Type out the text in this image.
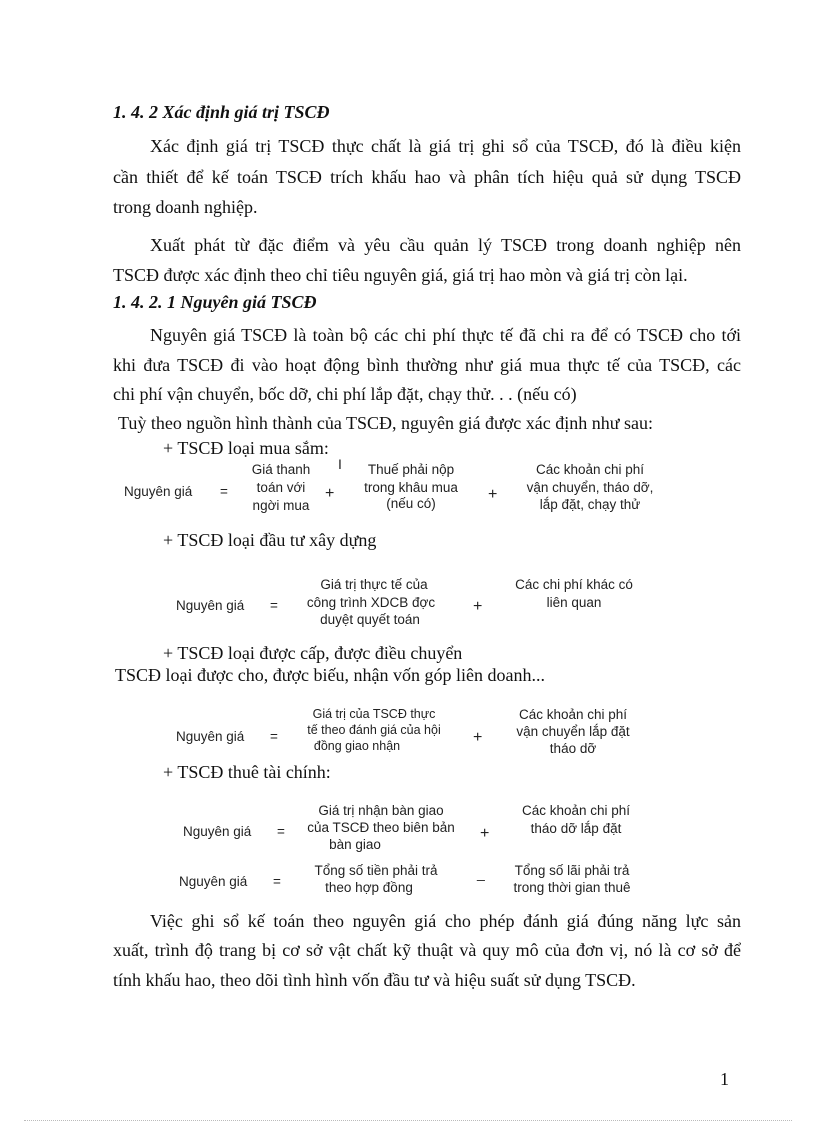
1. 4. 2 Xác định giá trị TSCĐ
Xác định giá trị TSCĐ thực chất là giá trị ghi sổ của TSCĐ, đó là điều kiện
cần thiết để kế toán TSCĐ trích khấu hao và phân tích hiệu quả sử dụng TSCĐ
trong doanh nghiệp.
Xuất phát từ đặc điểm và yêu cầu quản lý TSCĐ trong doanh nghiệp nên
TSCĐ được xác định theo chỉ tiêu nguyên giá, giá trị hao mòn và giá trị còn lại.
1. 4. 2. 1 Nguyên giá TSCĐ
Nguyên giá TSCĐ là toàn bộ các chi phí thực tế đã chi ra để có TSCĐ cho tới
khi đưa TSCĐ đi vào hoạt động bình thường như giá mua thực tế của TSCĐ, các
chi phí vận chuyển, bốc dỡ, chi phí lắp đặt, chạy thử. . . (nếu có)
Tuỳ theo nguồn hình thành của TSCĐ, nguyên giá được xác định như sau:
+ TSCĐ loại mua sắm:
Nguyên giá =
Giá thanh
toán với
ngời mua
I
+
Thuế phải nộp
trong khâu mua
(nếu có)
+
Các khoản chi phí
vận chuyển, tháo dỡ,
lắp đặt, chạy thử
+ TSCĐ loại đầu tư xây dựng
Nguyên giá =
Giá trị thực tế của
công trình XDCB đợc
duyệt quyết toán
+
Các chi phí khác có
liên quan
+ TSCĐ loại được cấp, được điều chuyển
TSCĐ loại được cho, được biếu, nhận vốn góp liên doanh...
Nguyên giá =
Giá trị của TSCĐ thực
tế theo đánh giá của hội
đồng giao nhận	+
Các khoản chi phí
vận chuyển lắp đặt
tháo dỡ
+ TSCĐ thuê tài chính:
Nguyên giá =
Giá trị nhận bàn giao
của TSCĐ theo biên bản
bàn giao
+
Các khoản chi phí
tháo dỡ lắp đặt
Nguyên giá =
Tổng số tiền phải trả
theo hợp đồng
_ Tổng số lãi phải trả
trong thời gian thuê
Việc ghi sổ kế toán theo nguyên giá cho phép đánh giá đúng năng lực sản
xuất, trình độ trang bị cơ sở vật chất kỹ thuật và quy mô của đơn vị, nó là cơ sở để
tính khấu hao, theo dõi tình hình vốn đầu tư và hiệu suất sử dụng TSCĐ.
1
